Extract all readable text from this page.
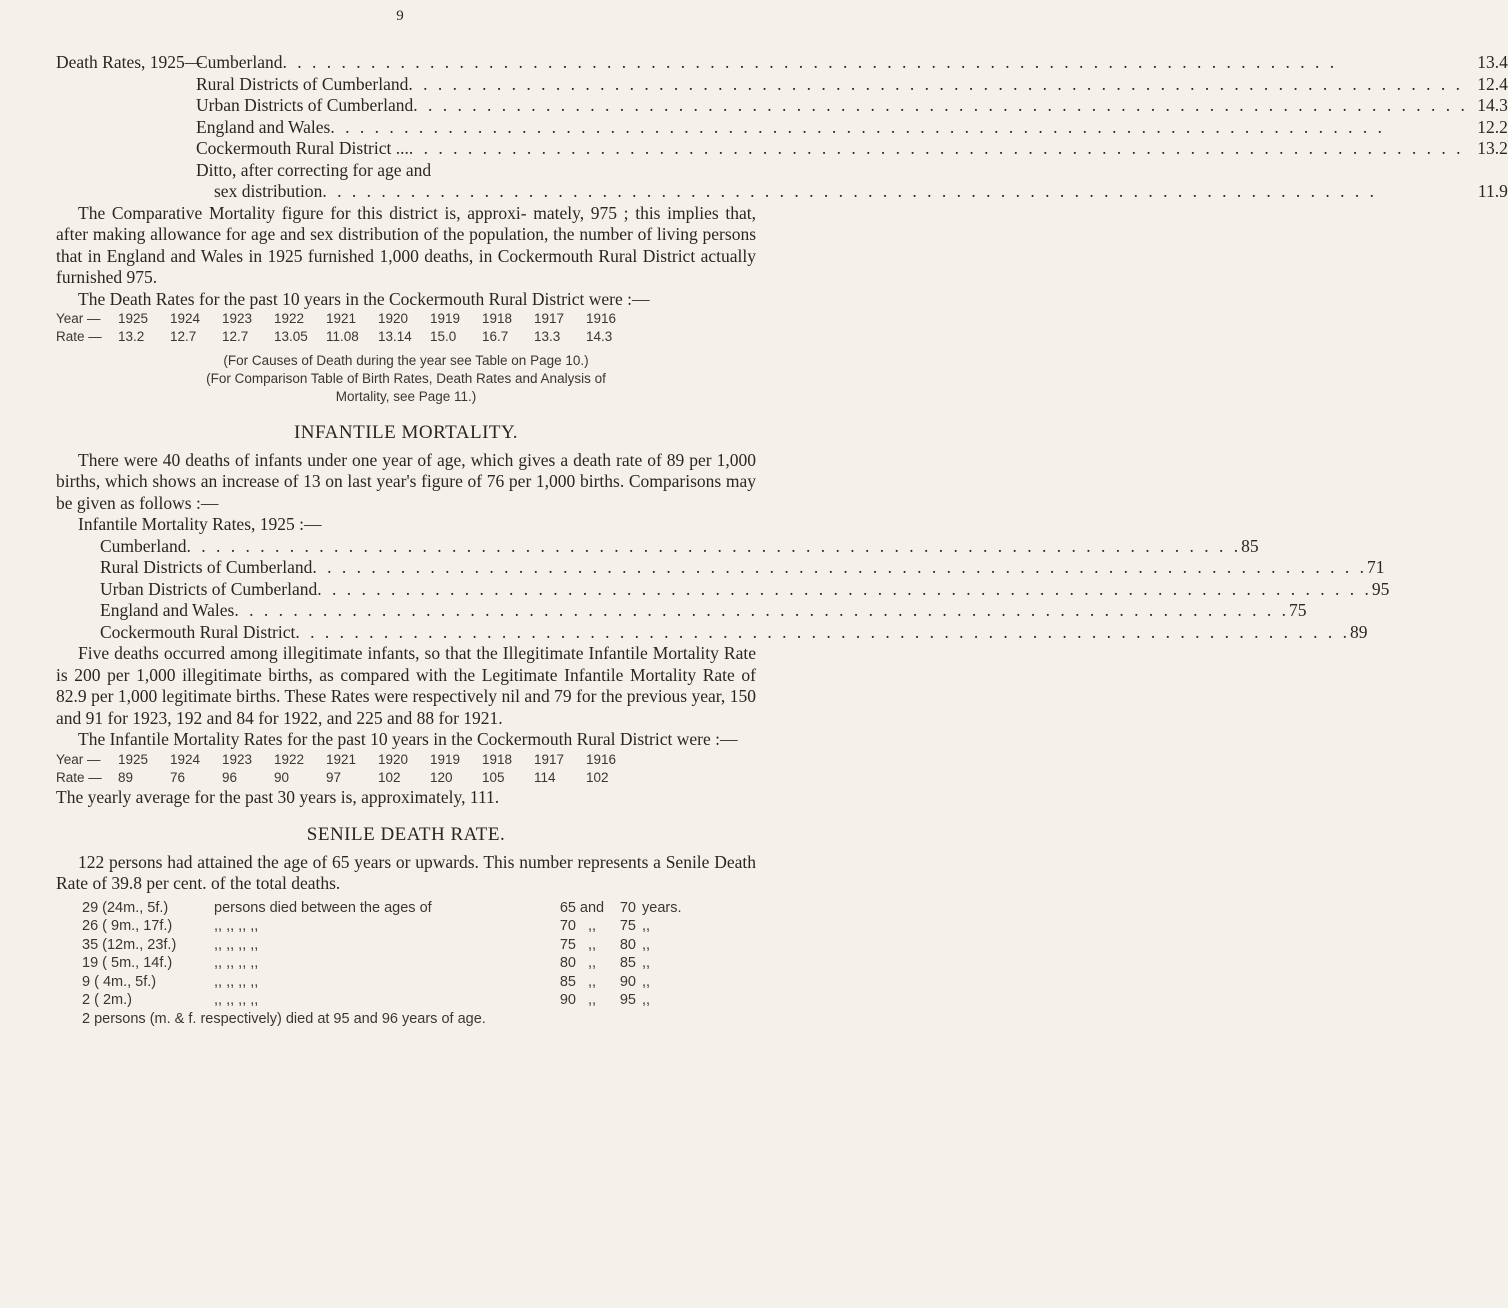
9
Death Rates, 1925—
Cumberland . . .	13.4
Rural Districts of Cumberland . . .	12.4
Urban Districts of Cumberland . . .	14.3
England and Wales . . .	12.2
Cockermouth Rural District ... . . .	13.2
Ditto, after correcting for age and
sex distribution . . .	11.9

The Comparative Mortality figure for this district is, approxi- mately, 975 ; this implies that, after making allowance for age and sex distribution of the population, the number of living persons that in England and Wales in 1925 furnished 1,000 deaths, in Cockermouth Rural District actually furnished 975.

The Death Rates for the past 10 years in the Cockermouth Rural District were :—

Year —	1925	1924	1923	1922	1921	1920	1919	1918	1917	1916
Rate —	13.2	12.7	12.7	13.05	11.08	13.14	15.0	16.7	13.3	14.3
(For Causes of Death during the year see Table on Page 10.)
(For Comparison Table of Birth Rates, Death Rates and Analysis of
Mortality, see Page 11.)
INFANTILE MORTALITY.

There were 40 deaths of infants under one year of age, which gives a death rate of 89 per 1,000 births, which shows an increase of 13 on last year's figure of 76 per 1,000 births. Comparisons may be given as follows :—

Infantile Mortality Rates, 1925 :—
Cumberland . . .	85
Rural Districts of Cumberland . . .	71
Urban Districts of Cumberland . . .	95
England and Wales . . .	75
Cockermouth Rural District . . .	89

Five deaths occurred among illegitimate infants, so that the Illegitimate Infantile Mortality Rate is 200 per 1,000 illegitimate births, as compared with the Legitimate Infantile Mortality Rate of 82.9 per 1,000 legitimate births. These Rates were respectively nil and 79 for the previous year, 150 and 91 for 1923, 192 and 84 for 1922, and 225 and 88 for 1921.

The Infantile Mortality Rates for the past 10 years in the Cockermouth Rural District were :—

Year —	1925	1924	1923	1922	1921	1920	1919	1918	1917	1916
Rate —	89	76	96	90	97	102	120	105	114	102
The yearly average for the past 30 years is, approximately, 111.
SENILE DEATH RATE.

122 persons had attained the age of 65 years or upwards. This number represents a Senile Death Rate of 39.8 per cent. of the total deaths.

29 (24m., 5f.)	persons died between the ages of	65 and	70 years.
26 ( 9m., 17f.)	,, ,, ,, ,,	70 ,,	75 ,,
35 (12m., 23f.)	,, ,, ,, ,,	75 ,,	80 ,,
19 ( 5m., 14f.)	,, ,, ,, ,,	80 ,,	85 ,,
9 ( 4m., 5f.)	,, ,, ,, ,,	85 ,,	90 ,,
2 ( 2m.)	,, ,, ,, ,,	90 ,,	95 ,,
2 persons (m. & f. respectively) died at 95 and 96 years of age.
